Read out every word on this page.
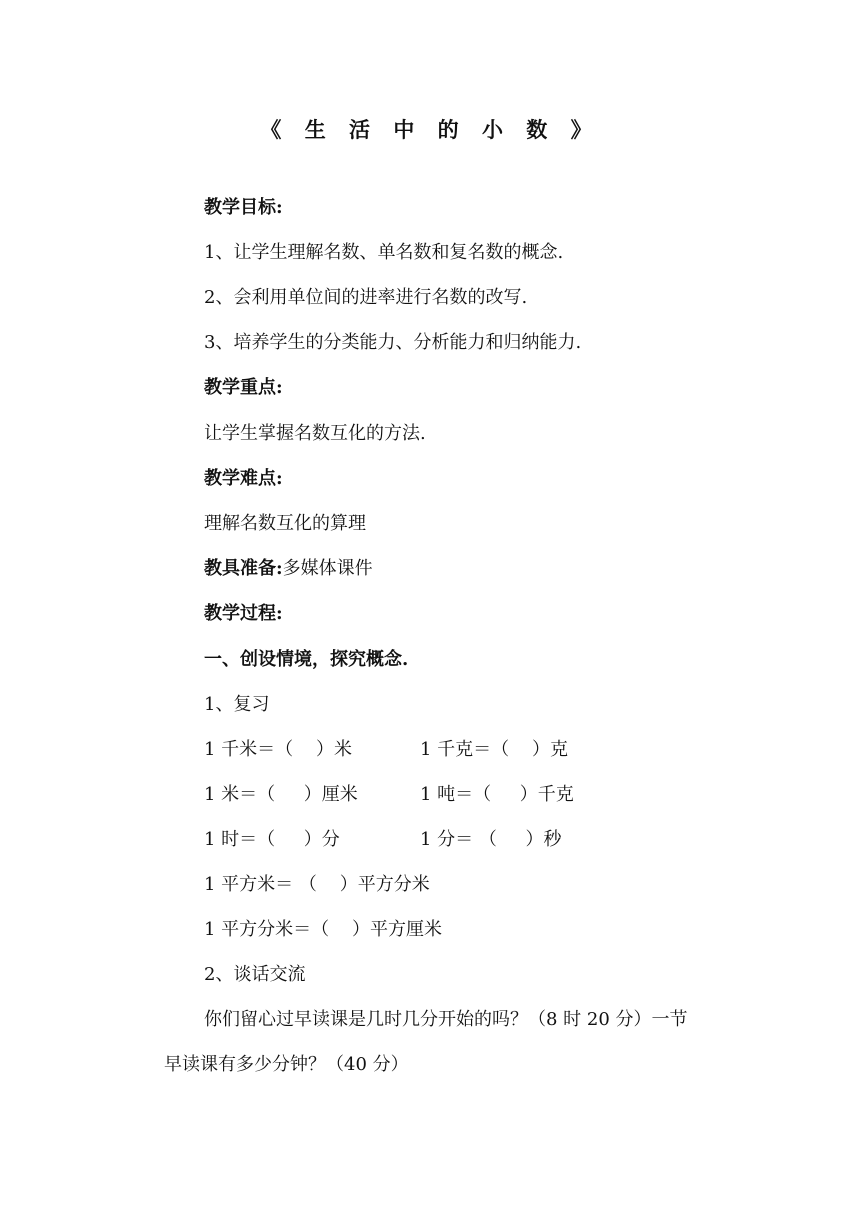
《 生 活 中 的 小 数 》
教学目标:
1、让学生理解名数、单名数和复名数的概念.
2、会利用单位间的进率进行名数的改写.
3、培养学生的分类能力、分析能力和归纳能力.
教学重点:
让学生掌握名数互化的方法.
教学难点:
理解名数互化的算理
教具准备:多媒体课件
教学过程:
一、创设情境，探究概念.
1、复习
1 千米＝（    ）米	1 千克＝（    ）克
1 米＝（     ）厘米	1 吨＝（     ）千克
1 时＝（     ）分	1 分＝ （     ）秒
1 平方米＝ （    ）平方分米
1 平方分米＝（    ）平方厘米
2、谈话交流
你们留心过早读课是几时几分开始的吗？（8 时 20 分）一节
早读课有多少分钟？（40 分）
